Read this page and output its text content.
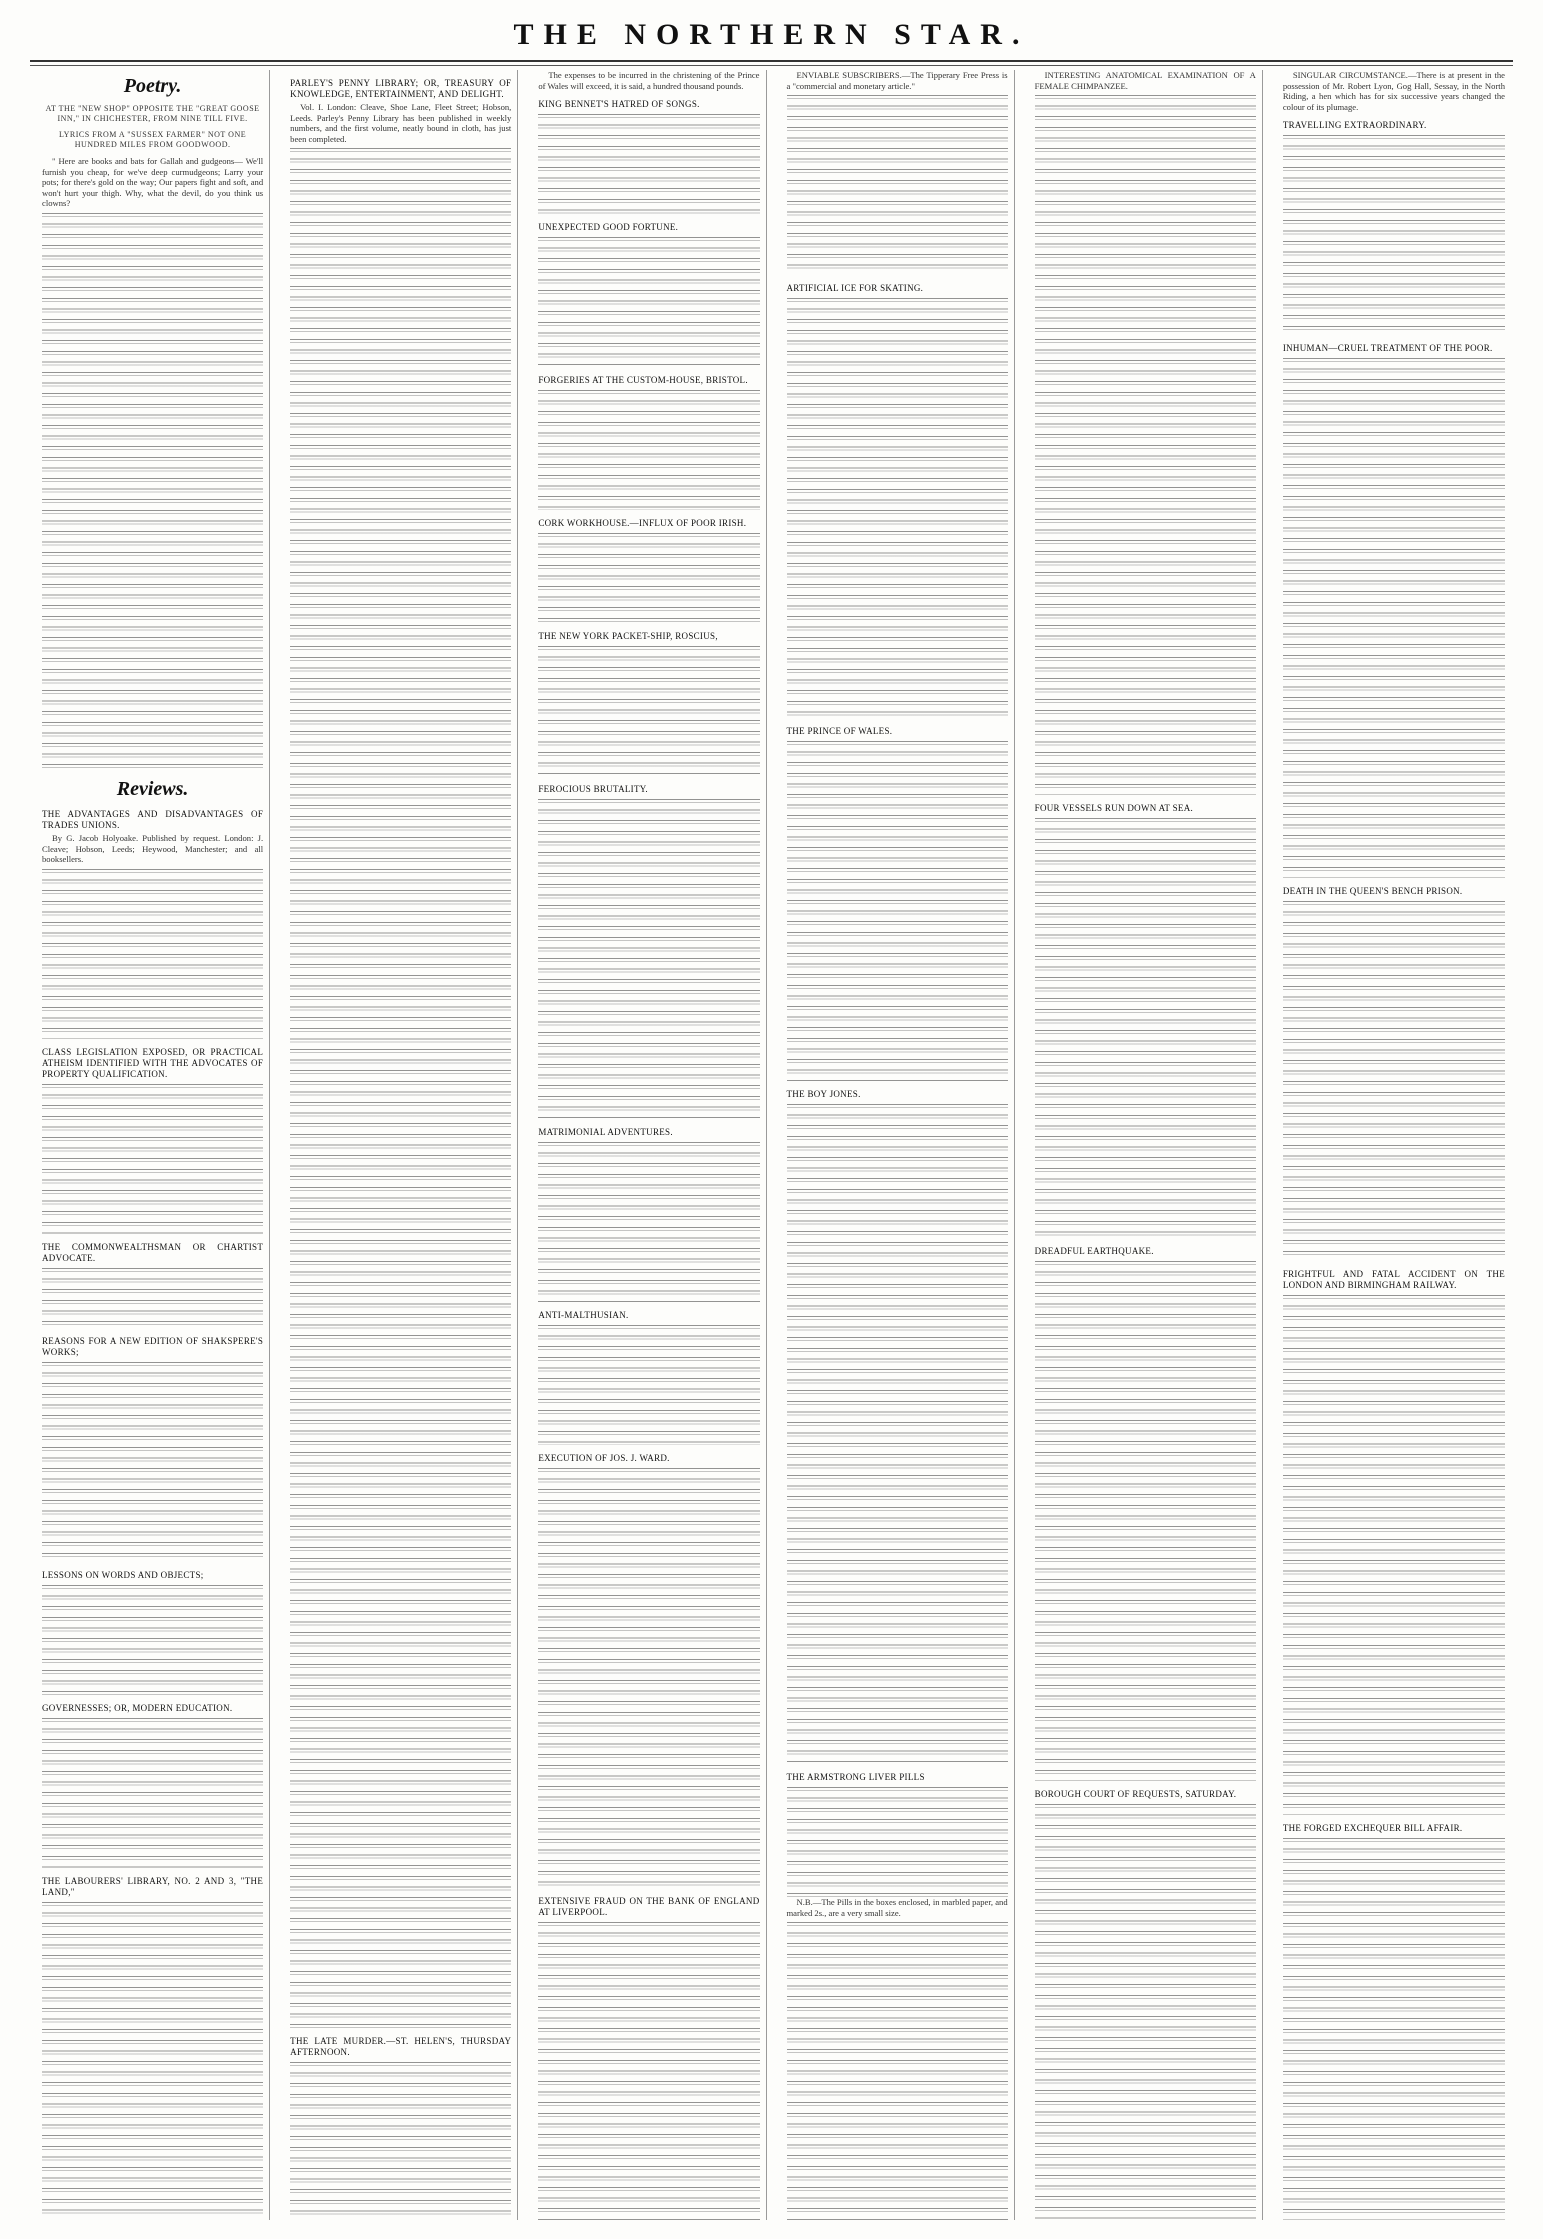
THE NORTHERN STAR.
Poetry.
AT THE "NEW SHOP" OPPOSITE THE "GREAT GOOSE INN," IN CHICHESTER, FROM NINE TILL FIVE.
LYRICS FROM A "SUSSEX FARMER" NOT ONE HUNDRED MILES FROM GOODWOOD.
" Here are books and bats for Gallah and gudgeons— We'll furnish you cheap, for we've deep curmudgeons; Larry your pots; for there's gold on the way; Our papers fight and soft, and won't hurt your thigh. Why, what the devil, do you think us clowns?
Reviews.
THE ADVANTAGES AND DISADVANTAGES OF TRADES UNIONS.
By G. Jacob Holyoake. Published by request. London: J. Cleave; Hobson, Leeds; Heywood, Manchester; and all booksellers.
CLASS LEGISLATION EXPOSED, OR PRACTICAL ATHEISM IDENTIFIED WITH THE ADVOCATES OF PROPERTY QUALIFICATION.
THE COMMONWEALTHSMAN OR CHARTIST ADVOCATE.
REASONS FOR A NEW EDITION OF SHAKSPERE'S WORKS;
LESSONS ON WORDS AND OBJECTS;
GOVERNESSES; OR, MODERN EDUCATION.
THE LABOURERS' LIBRARY, NO. 2 AND 3, "THE LAND,"
PARLEY'S PENNY LIBRARY; OR, TREASURY OF KNOWLEDGE, ENTERTAINMENT, AND DELIGHT.
Vol. I. London: Cleave, Shoe Lane, Fleet Street; Hobson, Leeds. Parley's Penny Library has been published in weekly numbers, and the first volume, neatly bound in cloth, has just been completed.
THE LATE MURDER.—ST. HELEN'S, THURSDAY AFTERNOON.
The expenses to be incurred in the christening of the Prince of Wales will exceed, it is said, a hundred thousand pounds.
KING BENNET'S HATRED OF SONGS.
UNEXPECTED GOOD FORTUNE.
FORGERIES AT THE CUSTOM-HOUSE, BRISTOL.
CORK WORKHOUSE.—INFLUX OF POOR IRISH.
THE NEW YORK PACKET-SHIP, ROSCIUS,
FEROCIOUS BRUTALITY.
MATRIMONIAL ADVENTURES.
ANTI-MALTHUSIAN.
EXECUTION OF JOS. J. WARD.
EXTENSIVE FRAUD ON THE BANK OF ENGLAND AT LIVERPOOL.
ENVIABLE SUBSCRIBERS.—The Tipperary Free Press is a "commercial and monetary article."
ARTIFICIAL ICE FOR SKATING.
THE PRINCE OF WALES.
THE BOY JONES.
THE ARMSTRONG LIVER PILLS
N.B.—The Pills in the boxes enclosed, in marbled paper, and marked 2s., are a very small size.
INTERESTING ANATOMICAL EXAMINATION OF A FEMALE CHIMPANZEE.
FOUR VESSELS RUN DOWN AT SEA.
DREADFUL EARTHQUAKE.
BOROUGH COURT OF REQUESTS, SATURDAY.
SINGULAR CIRCUMSTANCE.—There is at present in the possession of Mr. Robert Lyon, Gog Hall, Sessay, in the North Riding, a hen which has for six successive years changed the colour of its plumage.
TRAVELLING EXTRAORDINARY.
INHUMAN—CRUEL TREATMENT OF THE POOR.
DEATH IN THE QUEEN'S BENCH PRISON.
FRIGHTFUL AND FATAL ACCIDENT ON THE LONDON AND BIRMINGHAM RAILWAY.
THE FORGED EXCHEQUER BILL AFFAIR.
